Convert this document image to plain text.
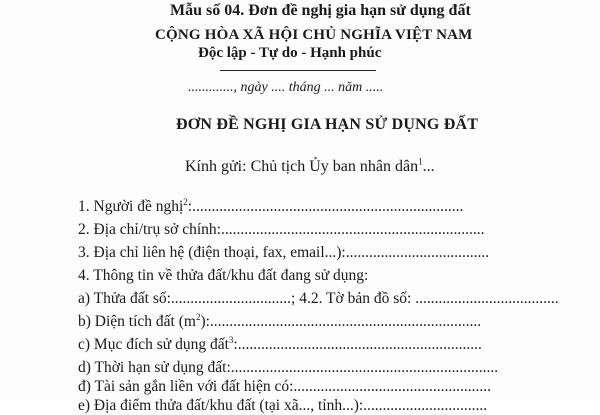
Mẫu số 04. Đơn đề nghị gia hạn sử dụng đất
CỘNG HÒA XÃ HỘI CHỦ NGHĨA VIỆT NAM
Độc lập - Tự do - Hạnh phúc
............., ngày .... tháng ... năm .....
ĐƠN ĐỀ NGHỊ GIA HẠN SỬ DỤNG ĐẤT
Kính gửi: Chủ tịch Ủy ban nhân dân$^1$...
1. Người đề nghị$^2$:......................................................................
2. Địa chỉ/trụ sở chính:....................................................................
3. Địa chỉ liên hệ (điện thoại, fax, email...):.....................................
4. Thông tin về thửa đất/khu đất đang sử dụng:
a) Thửa đất số:...............................; 4.2. Tờ bản đồ số: .....................................
b) Diện tích đất $(m^2)$:......................................................................
c) Mục đích sử dụng đất$^3$:...............................................................
d) Thời hạn sử dụng đất:.....................................................................
đ) Tài sản gắn liền với đất hiện có:...................................................
e) Địa điểm thửa đất/khu đất (tại xã..., tỉnh...):................................
